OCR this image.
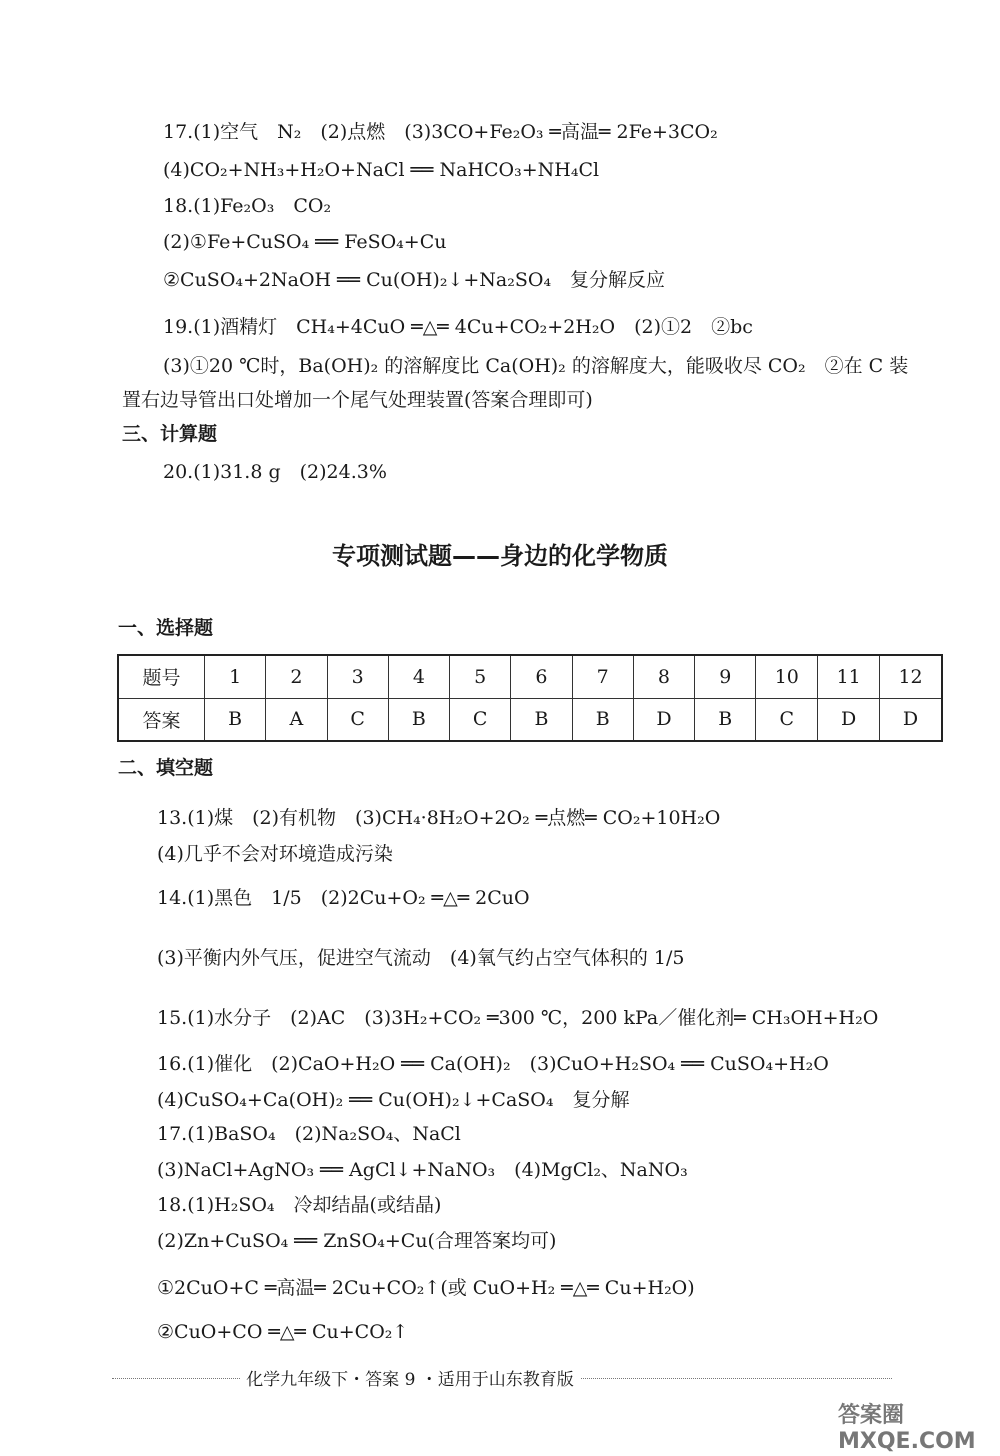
17.(1)空气　N₂　(2)点燃　(3)3CO+Fe₂O₃ ═高温═ 2Fe+3CO₂
(4)CO₂+NH₃+H₂O+NaCl ══ NaHCO₃+NH₄Cl
18.(1)Fe₂O₃　CO₂
(2)①Fe+CuSO₄ ══ FeSO₄+Cu
②CuSO₄+2NaOH ══ Cu(OH)₂↓+Na₂SO₄　复分解反应
19.(1)酒精灯　CH₄+4CuO ═△═ 4Cu+CO₂+2H₂O　(2)①2　②bc
(3)①20 ℃时，Ba(OH)₂ 的溶解度比 Ca(OH)₂ 的溶解度大，能吸收尽 CO₂　②在 C 装
置右边导管出口处增加一个尾气处理装置(答案合理即可)
三、计算题
20.(1)31.8 g　(2)24.3%
专项测试题——身边的化学物质
一、选择题
题号	1	2	3	4	5	6	7	8	9	10	11	12
答案	B	A	C	B	C	B	B	D	B	C	D	D
二、填空题
13.(1)煤　(2)有机物　(3)CH₄·8H₂O+2O₂ ═点燃═ CO₂+10H₂O
(4)几乎不会对环境造成污染
14.(1)黑色　1/5　(2)2Cu+O₂ ═△═ 2CuO
(3)平衡内外气压，促进空气流动　(4)氧气约占空气体积的 1/5
15.(1)水分子　(2)AC　(3)3H₂+CO₂ ═300 ℃，200 kPa／催化剂═ CH₃OH+H₂O
16.(1)催化　(2)CaO+H₂O ══ Ca(OH)₂　(3)CuO+H₂SO₄ ══ CuSO₄+H₂O
(4)CuSO₄+Ca(OH)₂ ══ Cu(OH)₂↓+CaSO₄　复分解
17.(1)BaSO₄　(2)Na₂SO₄、NaCl
(3)NaCl+AgNO₃ ══ AgCl↓+NaNO₃　(4)MgCl₂、NaNO₃
18.(1)H₂SO₄　冷却结晶(或结晶)
(2)Zn+CuSO₄ ══ ZnSO₄+Cu(合理答案均可)
①2CuO+C ═高温═ 2Cu+CO₂↑(或 CuO+H₂ ═△═ Cu+H₂O)
②CuO+CO ═△═ Cu+CO₂↑
化学九年级下・答案 9 ・适用于山东教育版
答案圈 MXQE.COM
